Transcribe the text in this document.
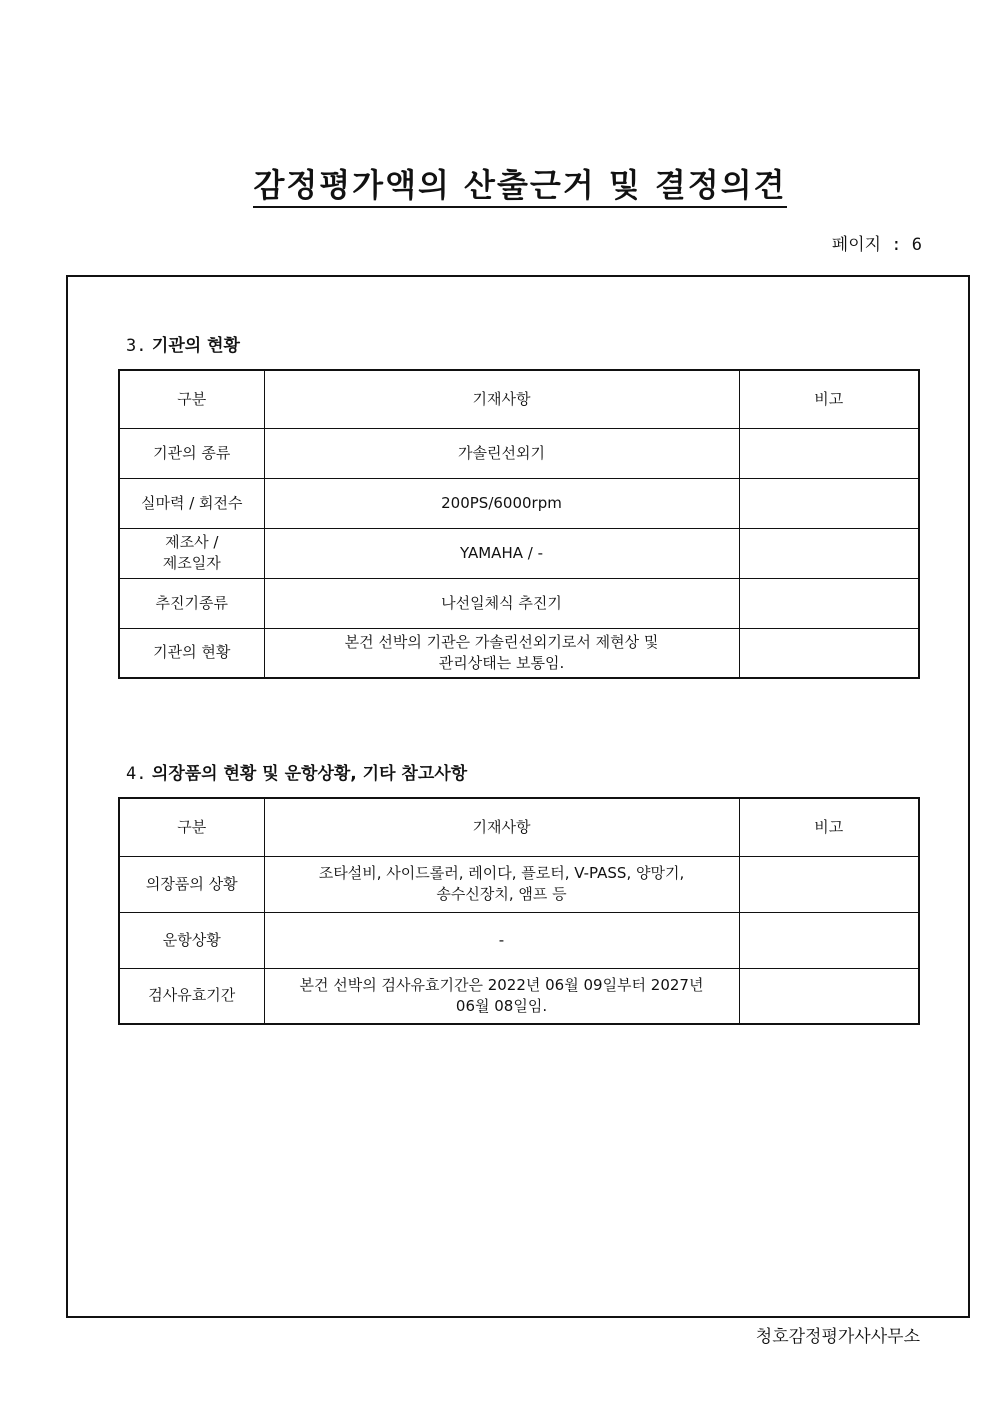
감정평가액의 산출근거 및 결정의견
페이지 : 6
3. 기관의 현황
구분	기재사항	비고
기관의 종류	가솔린선외기	
실마력 / 회전수	200PS/6000rpm	

제조사 /
제조일자	YAMAHA / -	
추진기종류	나선일체식 추진기	
기관의 현황	본건 선박의 기관은 가솔린선외기로서 제현상 및
관리상태는 보통임.	

4. 의장품의 현황 및 운항상황, 기타 참고사항
구분	기재사항	비고
의장품의 상황	조타설비, 사이드롤러, 레이다, 플로터, V-PASS, 양망기,
송수신장치, 앰프 등	

운항상황	-	
검사유효기간	본건 선박의 검사유효기간은 2022년 06월 09일부터 2027년
06월 08일임.	

청호감정평가사사무소
